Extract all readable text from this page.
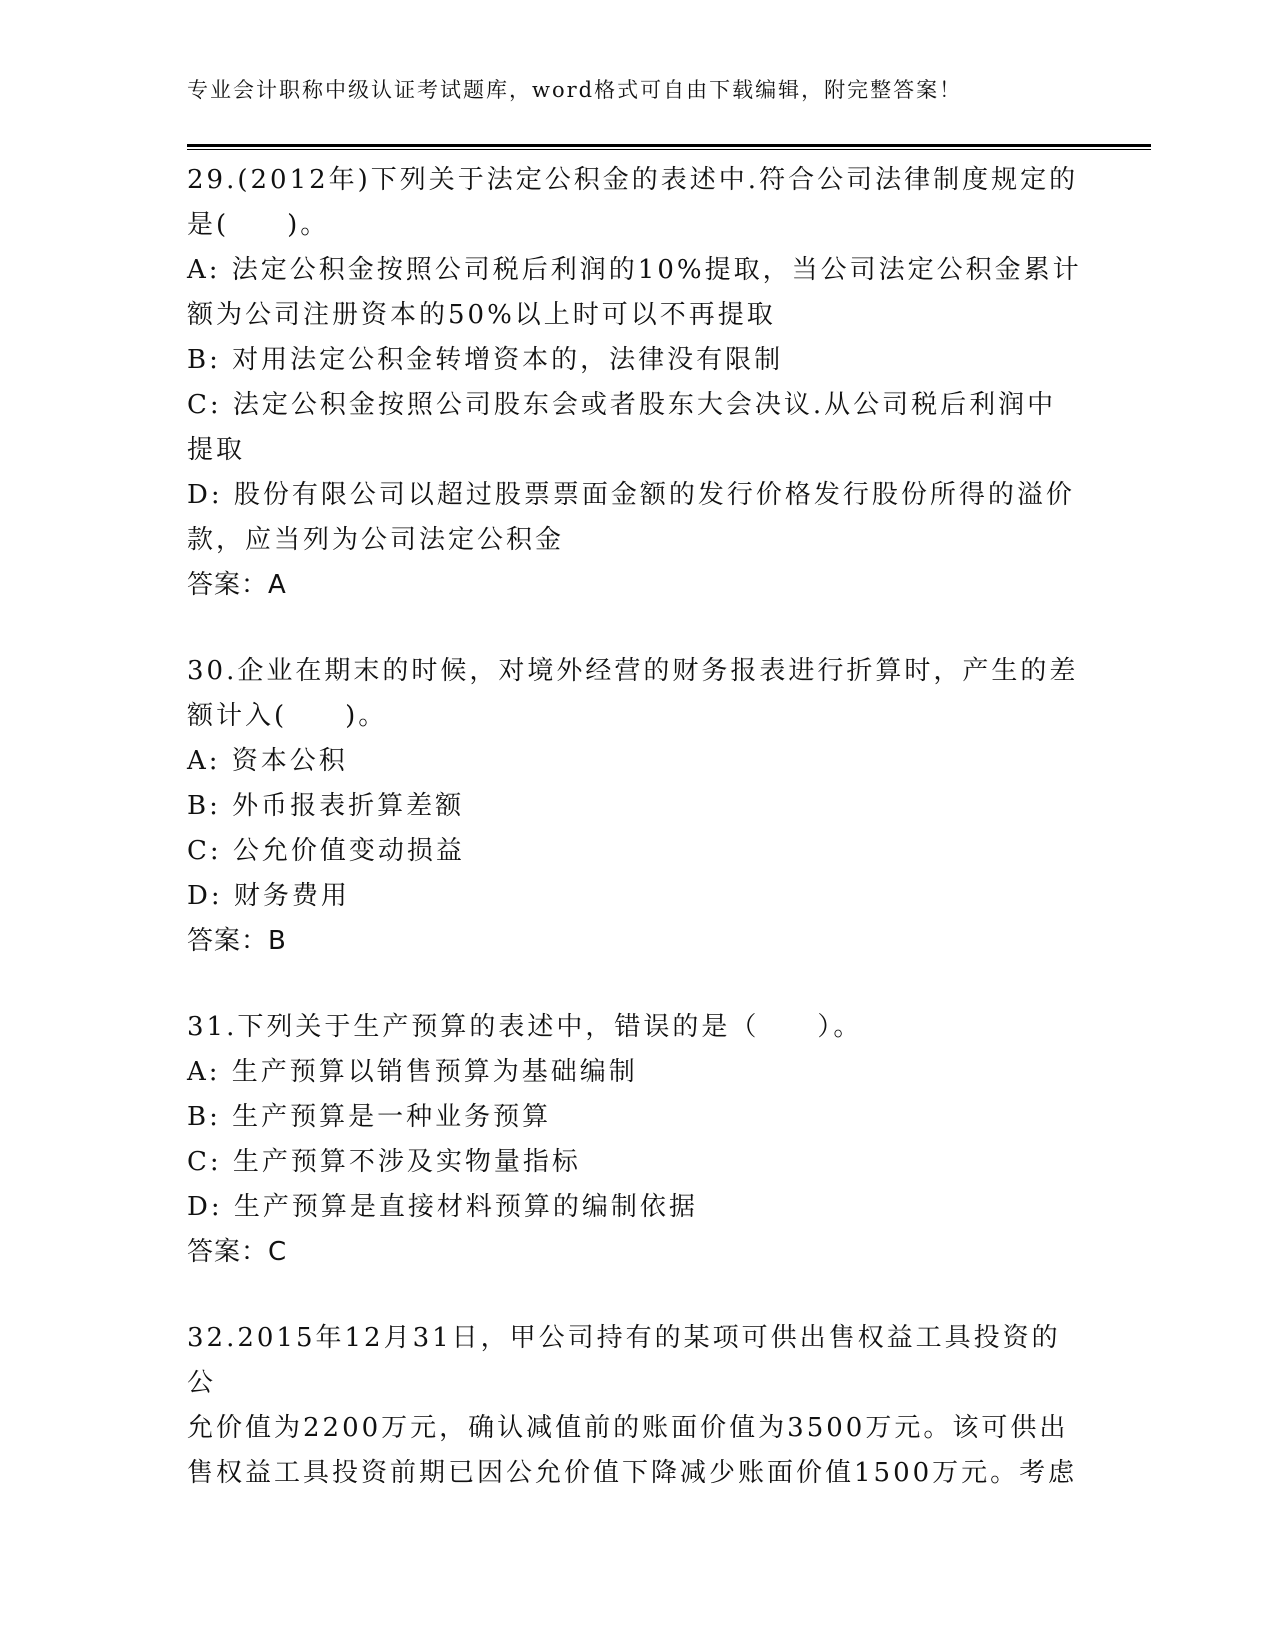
专业会计职称中级认证考试题库，word格式可自由下载编辑，附完整答案！
29.(2012年)下列关于法定公积金的表述中.符合公司法律制度规定的
是(　　)。
A: 法定公积金按照公司税后利润的10%提取，当公司法定公积金累计
额为公司注册资本的50%以上时可以不再提取
B: 对用法定公积金转增资本的，法律没有限制
C: 法定公积金按照公司股东会或者股东大会决议.从公司税后利润中
提取
D: 股份有限公司以超过股票票面金额的发行价格发行股份所得的溢价
款，应当列为公司法定公积金
答案：A
30.企业在期末的时候，对境外经营的财务报表进行折算时，产生的差
额计入(　　)。
A: 资本公积
B: 外币报表折算差额
C: 公允价值变动损益
D: 财务费用
答案：B
31.下列关于生产预算的表述中，错误的是（　　）。
A: 生产预算以销售预算为基础编制
B: 生产预算是一种业务预算
C: 生产预算不涉及实物量指标
D: 生产预算是直接材料预算的编制依据
答案：C
32.2015年12月31日，甲公司持有的某项可供出售权益工具投资的公
允价值为2200万元，确认减值前的账面价值为3500万元。该可供出
售权益工具投资前期已因公允价值下降减少账面价值1500万元。考虑
